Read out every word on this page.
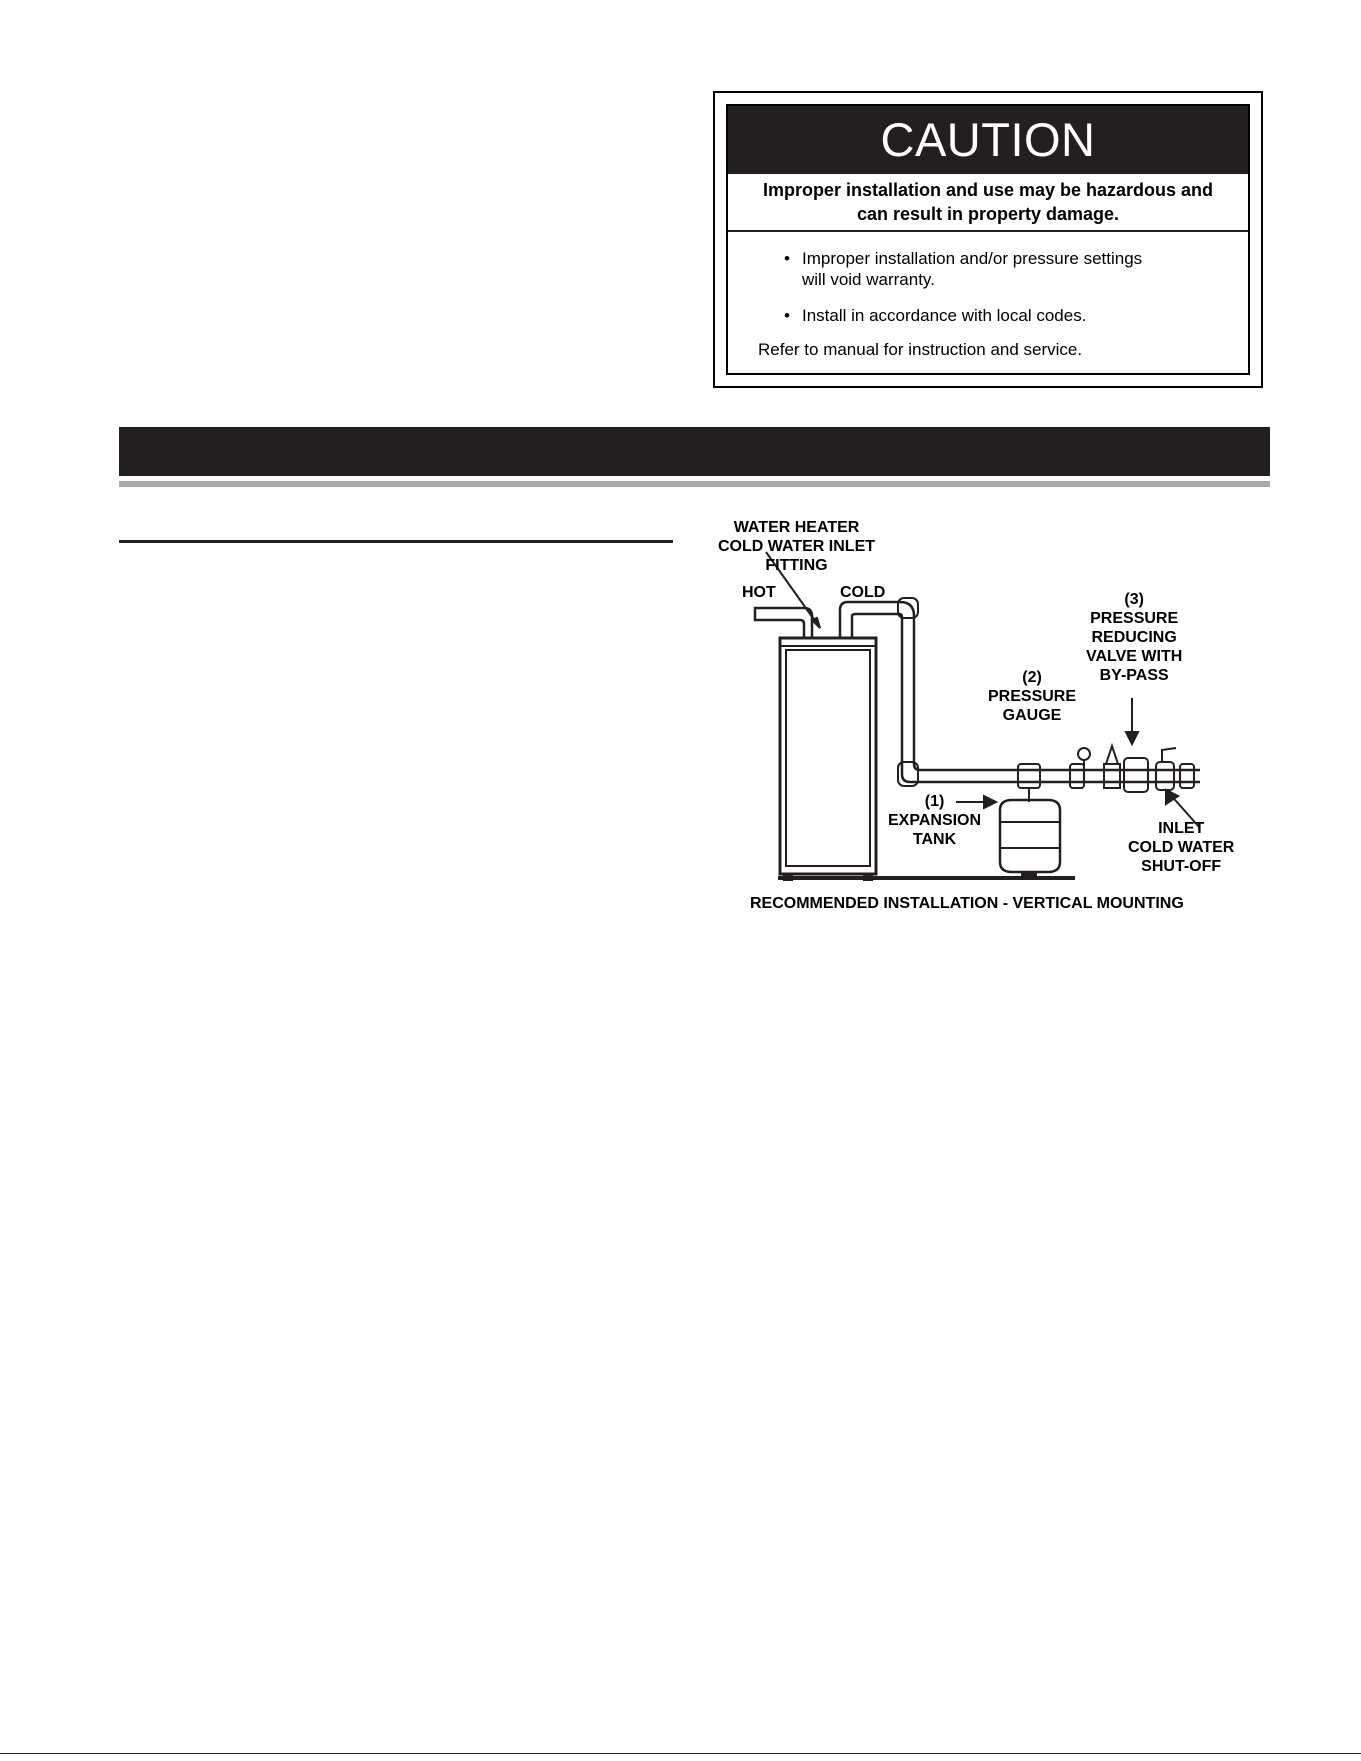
CAUTION
Improper installation and use may be hazardous and
can result in property damage.
• Improper installation and/or pressure settings
will void warranty.
• Install in accordance with local codes.
Refer to manual for instruction and service.
WATER HEATER
COLD WATER INLET
FITTING
HOT	COLD	(3)
PRESSURE
REDUCING
VALVE WITH
BY-PASS
(2)
PRESSURE
GAUGE
(1)
EXPANSION
TANK
INLET
COLD WATER
SHUT-OFF
RECOMMENDED INSTALLATION - VERTICAL MOUNTING
